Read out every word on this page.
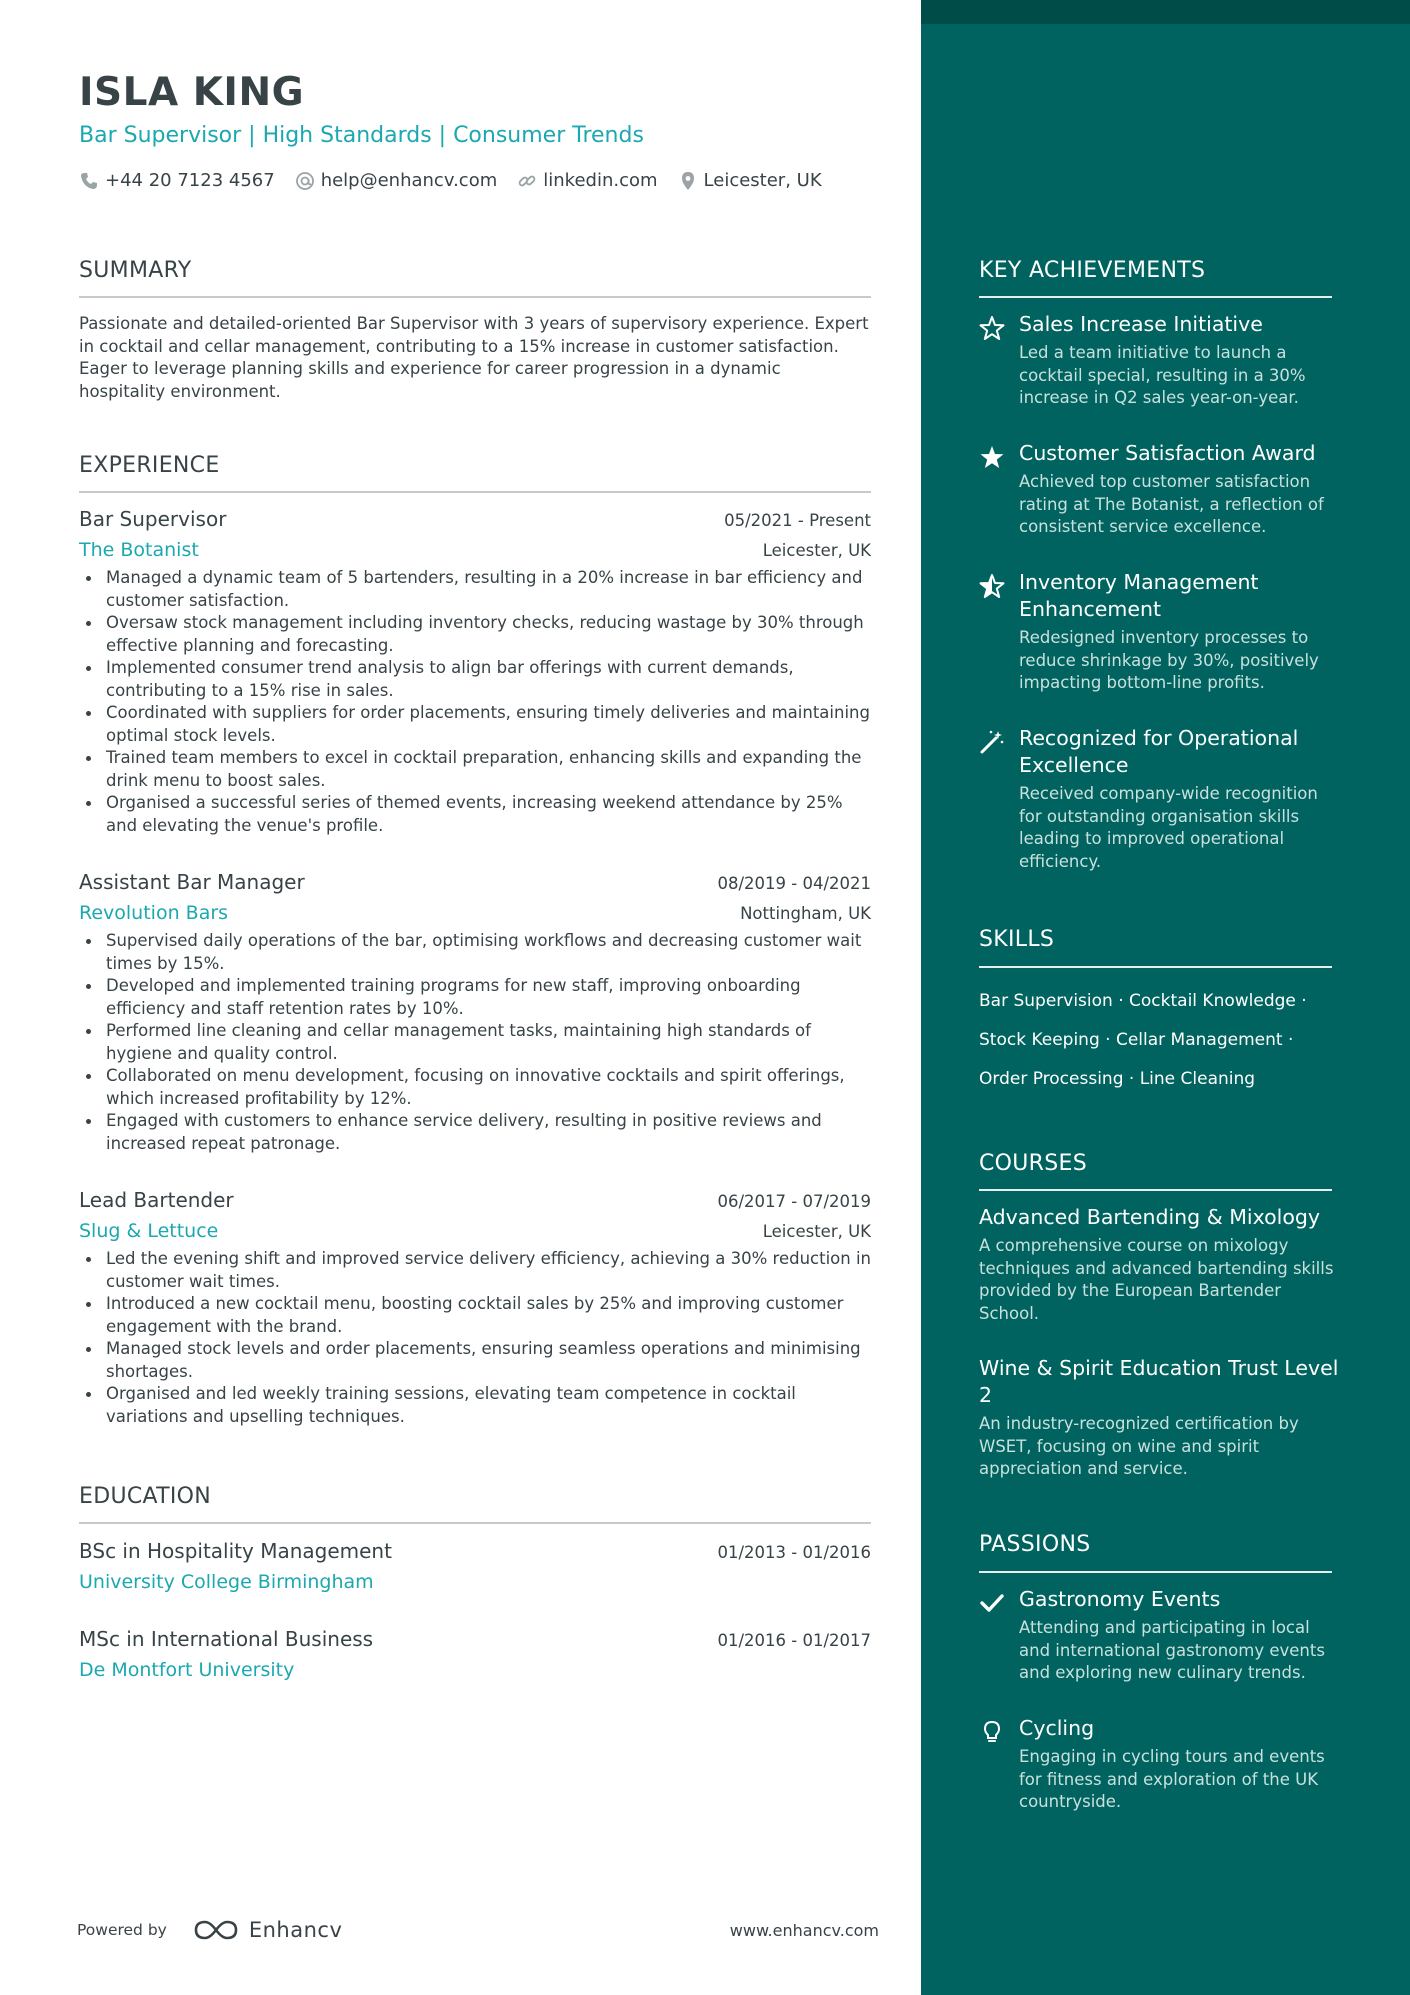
ISLA KING
Bar Supervisor | High Standards | Consumer Trends
+44 20 7123 4567	help@enhancv.com	linkedin.com	Leicester, UK
SUMMARY
Passionate and detailed-oriented Bar Supervisor with 3 years of supervisory experience. Expert in cocktail and cellar management, contributing to a 15% increase in customer satisfaction. Eager to leverage planning skills and experience for career progression in a dynamic hospitality environment.
EXPERIENCE
Bar Supervisor	05/2021 - Present
The Botanist	Leicester, UK
Managed a dynamic team of 5 bartenders, resulting in a 20% increase in bar efficiency and customer satisfaction.
Oversaw stock management including inventory checks, reducing wastage by 30% through effective planning and forecasting.
Implemented consumer trend analysis to align bar offerings with current demands, contributing to a 15% rise in sales.
Coordinated with suppliers for order placements, ensuring timely deliveries and maintaining optimal stock levels.
Trained team members to excel in cocktail preparation, enhancing skills and expanding the drink menu to boost sales.
Organised a successful series of themed events, increasing weekend attendance by 25% and elevating the venue's profile.
Assistant Bar Manager	08/2019 - 04/2021
Revolution Bars	Nottingham, UK
Supervised daily operations of the bar, optimising workflows and decreasing customer wait times by 15%.
Developed and implemented training programs for new staff, improving onboarding efficiency and staff retention rates by 10%.
Performed line cleaning and cellar management tasks, maintaining high standards of hygiene and quality control.
Collaborated on menu development, focusing on innovative cocktails and spirit offerings, which increased profitability by 12%.
Engaged with customers to enhance service delivery, resulting in positive reviews and increased repeat patronage.
Lead Bartender	06/2017 - 07/2019
Slug & Lettuce	Leicester, UK
Led the evening shift and improved service delivery efficiency, achieving a 30% reduction in customer wait times.
Introduced a new cocktail menu, boosting cocktail sales by 25% and improving customer engagement with the brand.
Managed stock levels and order placements, ensuring seamless operations and minimising shortages.
Organised and led weekly training sessions, elevating team competence in cocktail variations and upselling techniques.
EDUCATION
BSc in Hospitality Management	01/2013 - 01/2016
University College Birmingham
MSc in International Business	01/2016 - 01/2017
De Montfort University
Powered by	Enhancv	www.enhancv.com
KEY ACHIEVEMENTS
Sales Increase Initiative
Led a team initiative to launch a cocktail special, resulting in a 30% increase in Q2 sales year-on-year.
Customer Satisfaction Award
Achieved top customer satisfaction rating at The Botanist, a reflection of consistent service excellence.
Inventory Management Enhancement
Redesigned inventory processes to reduce shrinkage by 30%, positively impacting bottom-line profits.
Recognized for Operational Excellence
Received company-wide recognition for outstanding organisation skills leading to improved operational efficiency.
SKILLS
Bar Supervision · Cocktail Knowledge ·
Stock Keeping · Cellar Management ·
Order Processing · Line Cleaning
COURSES
Advanced Bartending & Mixology
A comprehensive course on mixology techniques and advanced bartending skills provided by the European Bartender School.
Wine & Spirit Education Trust Level 2
An industry-recognized certification by WSET, focusing on wine and spirit appreciation and service.
PASSIONS
Gastronomy Events
Attending and participating in local and international gastronomy events and exploring new culinary trends.
Cycling
Engaging in cycling tours and events for fitness and exploration of the UK countryside.
